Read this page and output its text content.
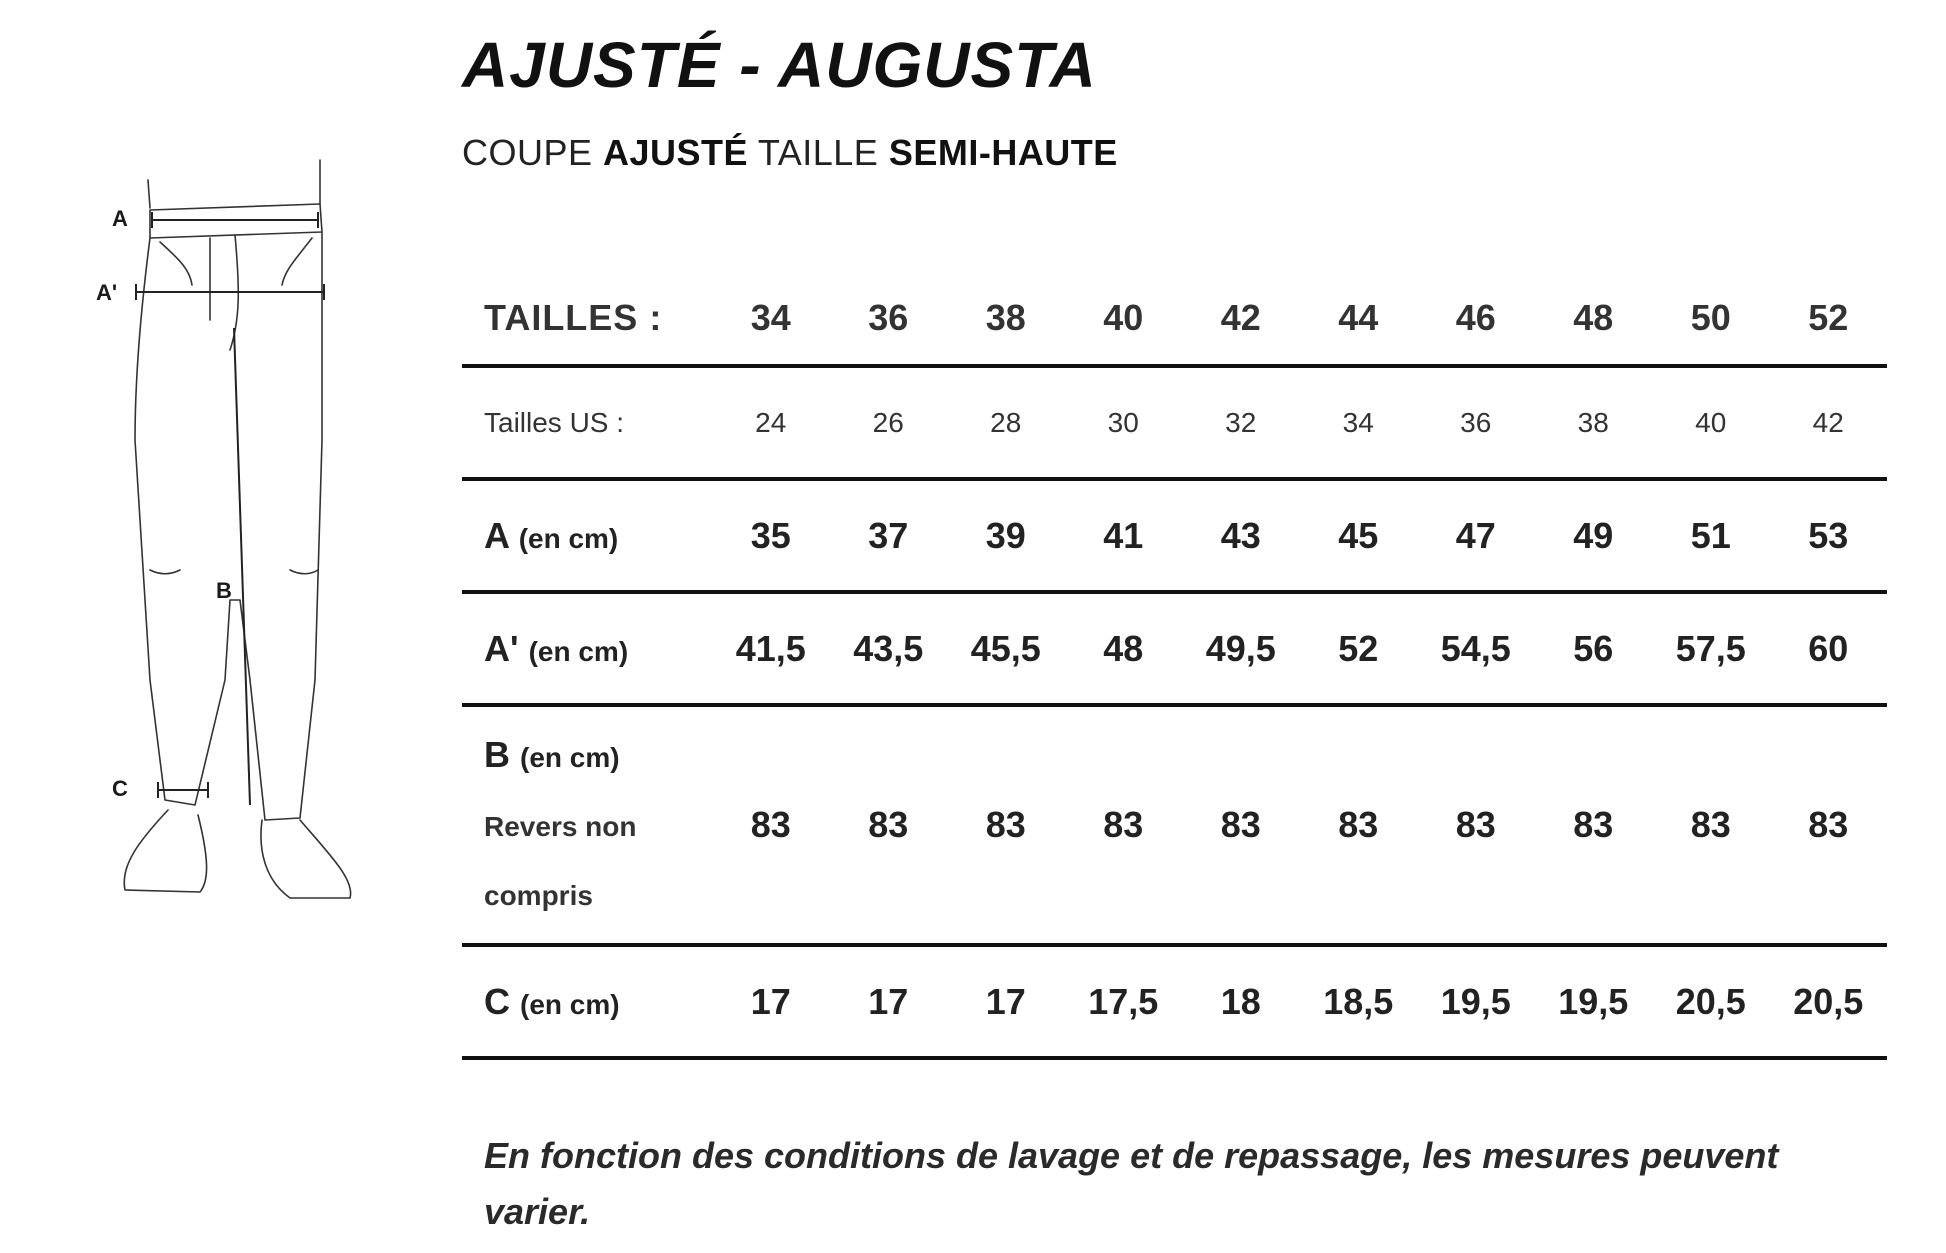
A
A'
B
C
AJUSTÉ - AUGUSTA

COUPE AJUSTÉ TAILLE SEMI-HAUTE

TAILLES :	34	36	38	40	42	44	46	48	50	52
Tailles US :	24	26	28	30	32	34	36	38	40	42
A (en cm)	35	37	39	41	43	45	47	49	51	53
A' (en cm)	41,5	43,5	45,5	48	49,5	52	54,5	56	57,5	60
B (en cm)
Revers non
compris	83	83	83	83	83	83	83	83	83	83
C (en cm)	17	17	17	17,5	18	18,5	19,5	19,5	20,5	20,5

En fonction des conditions de lavage et de repassage, les mesures peuvent varier.
